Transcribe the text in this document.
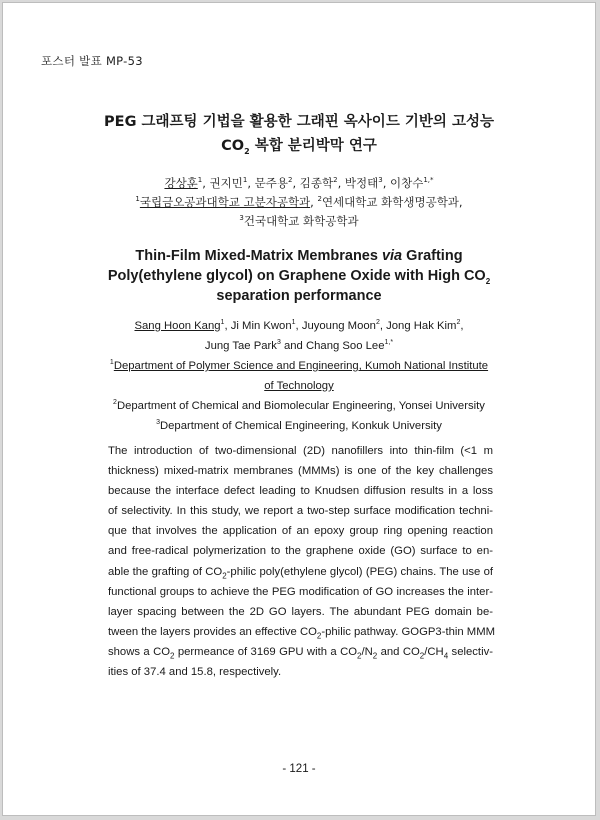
포스터 발표 MP-53
PEG 그래프팅 기법을 활용한 그래핀 옥사이드 기반의 고성능
$CO_2$ 복합 분리박막 연구
강상훈$^1$, 권지민$^1$, 문주용$^2$, 김종학$^2$, 박정태$^3$, 이창수$^{1,*}$
$^1$국립금오공과대학교 고분자공학과, $^2$연세대학교 화학생명공학과,
$^3$건국대학교 화학공학과
Thin-Film Mixed-Matrix Membranes via Grafting
Poly(ethylene glycol) on Graphene Oxide with High $CO_2$
separation performance
Sang Hoon Kang$^1$, Ji Min Kwon$^1$, Juyoung Moon$^2$, Jong Hak Kim$^2$,
Jung Tae Park$^3$ and Chang Soo Lee$^{1,*}$
$^1$Department of Polymer Science and Engineering, Kumoh National Institute
of Technology
$^2$Department of Chemical and Biomolecular Engineering, Yonsei University
$^3$Department of Chemical Engineering, Konkuk University
The introduction of two-dimensional (2D) nanofillers into thin-film (<1 m
thickness) mixed-matrix membranes (MMMs) is one of the key challenges
because the interface defect leading to Knudsen diffusion results in a loss
of selectivity. In this study, we report a two-step surface modification techni-
que that involves the application of an epoxy group ring opening reaction
and free-radical polymerization to the graphene oxide (GO) surface to en-
able the grafting of $CO_2$-philic poly(ethylene glycol) (PEG) chains. The use of
functional groups to achieve the PEG modification of GO increases the inter-
layer spacing between the 2D GO layers. The abundant PEG domain be-
tween the layers provides an effective $CO_2$-philic pathway. GOGP3-thin MMM
shows a $CO_2$ permeance of 3169 GPU with a $CO_2/N_2$ and $CO_2/CH_4$ selectiv-
ities of 37.4 and 15.8, respectively.
- 121 -
